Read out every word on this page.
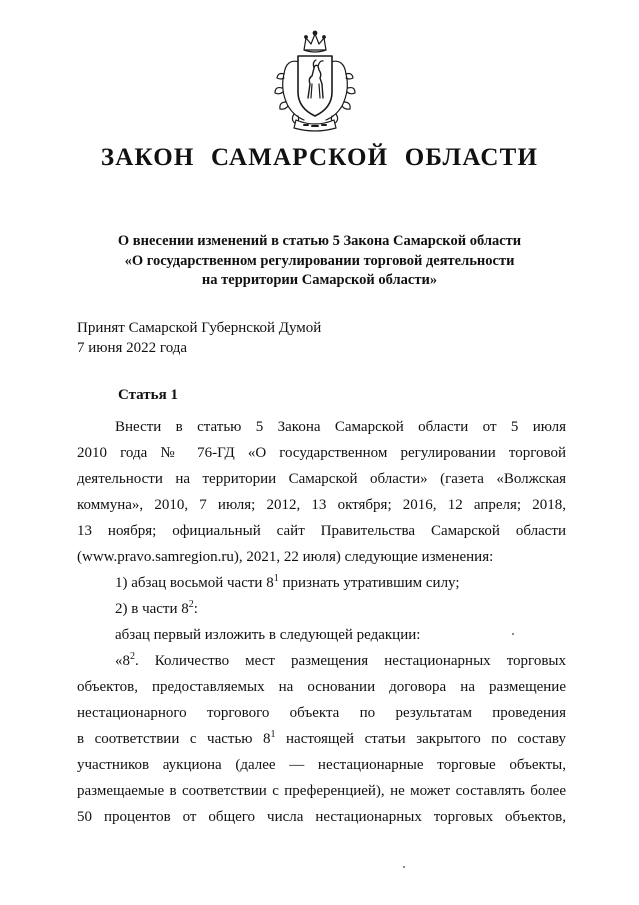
ЗАКОН САМАРСКОЙ ОБЛАСТИ
О внесении изменений в статью 5 Закона Самарской области
«О государственном регулировании торговой деятельности
на территории Самарской области»
Принят Самарской Губернской Думой
7 июня 2022 года
Статья 1
Внести в статью 5 Закона Самарской области от 5 июля
2010 года № 76-ГД «О государственном регулировании торговой
деятельности на территории Самарской области» (газета «Волжская
коммуна», 2010, 7 июля; 2012, 13 октября; 2016, 12 апреля; 2018,
13 ноября; официальный сайт Правительства Самарской области
(www.pravo.samregion.ru), 2021, 22 июля) следующие изменения:
1) абзац восьмой части $8^1$ признать утратившим силу;
2) в части $8^2$:
абзац первый изложить в следующей редакции:
«$8^2$. Количество мест размещения нестационарных торговых
объектов, предоставляемых на основании договора на размещение
нестационарного торгового объекта по результатам проведения
в соответствии с частью $8^1$ настоящей статьи закрытого по составу
участников аукциона (далее — нестационарные торговые объекты,
размещаемые в соответствии с преференцией), не может составлять более
50 процентов от общего числа нестационарных торговых объектов,
